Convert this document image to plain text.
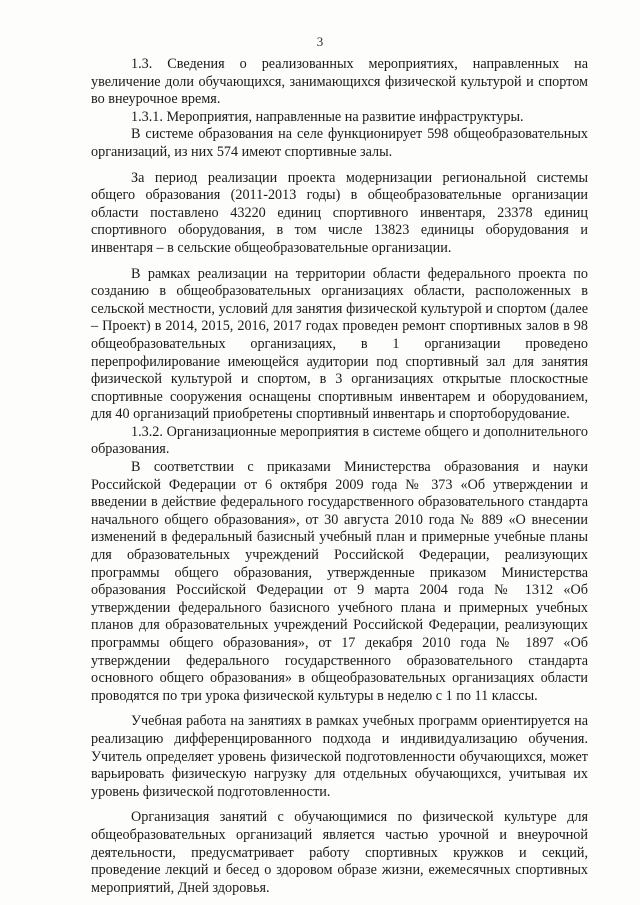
3

1.3. Сведения о реализованных мероприятиях, направленных на увеличение доли обучающихся, занимающихся физической культурой и спортом во внеурочное время.

1.3.1. Мероприятия, направленные на развитие инфраструктуры.

В системе образования на селе функционирует 598 общеобразовательных организаций, из них 574 имеют спортивные залы.

За период реализации проекта модернизации региональной системы общего образования (2011-2013 годы) в общеобразовательные организации области поставлено 43220 единиц спортивного инвентаря, 23378 единиц спортивного оборудования, в том числе 13823 единицы оборудования и инвентаря – в сельские общеобразовательные организации.

В рамках реализации на территории области федерального проекта по созданию в общеобразовательных организациях области, расположенных в сельской местности, условий для занятия физической культурой и спортом (далее – Проект) в 2014, 2015, 2016, 2017 годах проведен ремонт спортивных залов в 98 общеобразовательных организациях, в 1 организации проведено перепрофилирование имеющейся аудитории под спортивный зал для занятия физической культурой и спортом, в 3 организациях открытые плоскостные спортивные сооружения оснащены спортивным инвентарем и оборудованием, для 40 организаций приобретены спортивный инвентарь и спортоборудование.

1.3.2. Организационные мероприятия в системе общего и дополнительного образования.

В соответствии с приказами Министерства образования и науки Российской Федерации от 6 октября 2009 года № 373 «Об утверждении и введении в действие федерального государственного образовательного стандарта начального общего образования», от 30 августа 2010 года № 889 «О внесении изменений в федеральный базисный учебный план и примерные учебные планы для образовательных учреждений Российской Федерации, реализующих программы общего образования, утвержденные приказом Министерства образования Российской Федерации от 9 марта 2004 года № 1312 «Об утверждении федерального базисного учебного плана и примерных учебных планов для образовательных учреждений Российской Федерации, реализующих программы общего образования», от 17 декабря 2010 года № 1897 «Об утверждении федерального государственного образовательного стандарта основного общего образования» в общеобразовательных организациях области проводятся по три урока физической культуры в неделю с 1 по 11 классы.

Учебная работа на занятиях в рамках учебных программ ориентируется на реализацию дифференцированного подхода и индивидуализацию обучения. Учитель определяет уровень физической подготовленности обучающихся, может варьировать физическую нагрузку для отдельных обучающихся, учитывая их уровень физической подготовленности.

Организация занятий с обучающимися по физической культуре для общеобразовательных организаций является частью урочной и внеурочной деятельности, предусматривает работу спортивных кружков и секций, проведение лекций и бесед о здоровом образе жизни, ежемесячных спортивных мероприятий, Дней здоровья.
